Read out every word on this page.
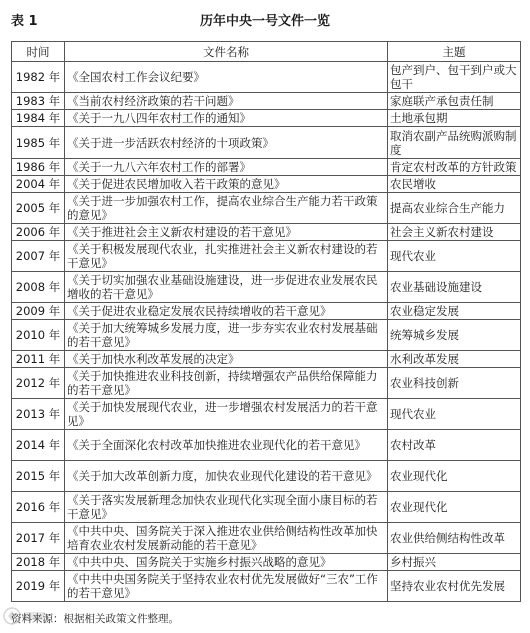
表 1	历年中央一号文件一览
时间	文件名称	主题
1982 年	《全国农村工作会议纪要》	包产到户、包干到户或大包干
1983 年	《当前农村经济政策的若干问题》	家庭联产承包责任制
1984 年	《关于一九八四年农村工作的通知》	土地承包期
1985 年	《关于进一步活跃农村经济的十项政策》	取消农副产品统购派购制度
1986 年	《关于一九八六年农村工作的部署》	肯定农村改革的方针政策
2004 年	《关于促进农民增加收入若干政策的意见》	农民增收
2005 年	《关于进一步加强农村工作，提高农业综合生产能力若干政策的意见》	提高农业综合生产能力
2006 年	《关于推进社会主义新农村建设的若干意见》	社会主义新农村建设
2007 年	《关于积极发展现代农业，扎实推进社会主义新农村建设的若干意见》	现代农业
2008 年	《关于切实加强农业基础设施建设，进一步促进农业发展农民增收的若干意见》	农业基础设施建设
2009 年	《关于促进农业稳定发展农民持续增收的若干意见》	农业稳定发展
2010 年	《关于加大统筹城乡发展力度，进一步夯实农业农村发展基础的若干意见》	统筹城乡发展
2011 年	《关于加快水利改革发展的决定》	水利改革发展
2012 年	《关于加快推进农业科技创新，持续增强农产品供给保障能力的若干意见》	农业科技创新
2013 年	《关于加快发展现代农业，进一步增强农村发展活力的若干意见》	现代农业
2014 年	《关于全面深化农村改革加快推进农业现代化的若干意见》	农村改革
2015 年	《关于加大改革创新力度，加快农业现代化建设的若干意见》	农业现代化
2016 年	《关于落实发展新理念加快农业现代化实现全面小康目标的若干意见》	农业现代化
2017 年	《中共中央、国务院关于深入推进农业供给侧结构性改革加快培育农业农村发展新动能的若干意见》	农业供给侧结构性改革
2018 年	《中共中央、国务院关于实施乡村振兴战略的意见》	乡村振兴
2019 年	《中共中央国务院关于坚持农业农村优先发展做好“三农”工作的若干意见》	坚持农业农村优先发展
资料来源：根据相关政策文件整理。
